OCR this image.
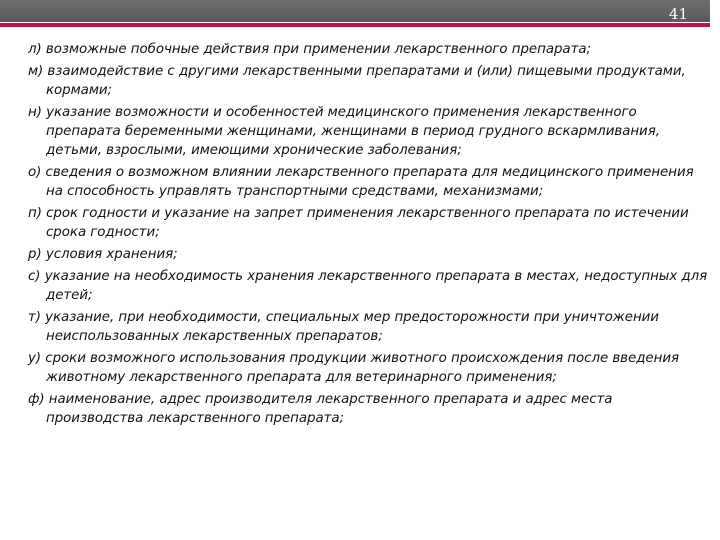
41
л) возможные побочные действия при применении лекарственного препарата;
м) взаимодействие с другими лекарственными препаратами и (или) пищевыми продуктами, кормами;
н) указание возможности и особенностей медицинского применения лекарственного препарата беременными женщинами, женщинами в период грудного вскармливания, детьми, взрослыми, имеющими хронические заболевания;
о) сведения о возможном влиянии лекарственного препарата для медицинского применения на способность управлять транспортными средствами, механизмами;
п) срок годности и указание на запрет применения лекарственного препарата по истечении срока годности;
р) условия хранения;
с) указание на необходимость хранения лекарственного препарата в местах, недоступных для детей;
т) указание, при необходимости, специальных мер предосторожности при уничтожении неиспользованных лекарственных препаратов;
у) сроки возможного использования продукции животного происхождения после введения животному лекарственного препарата для ветеринарного применения;
ф) наименование, адрес производителя лекарственного препарата и адрес места производства лекарственного препарата;
